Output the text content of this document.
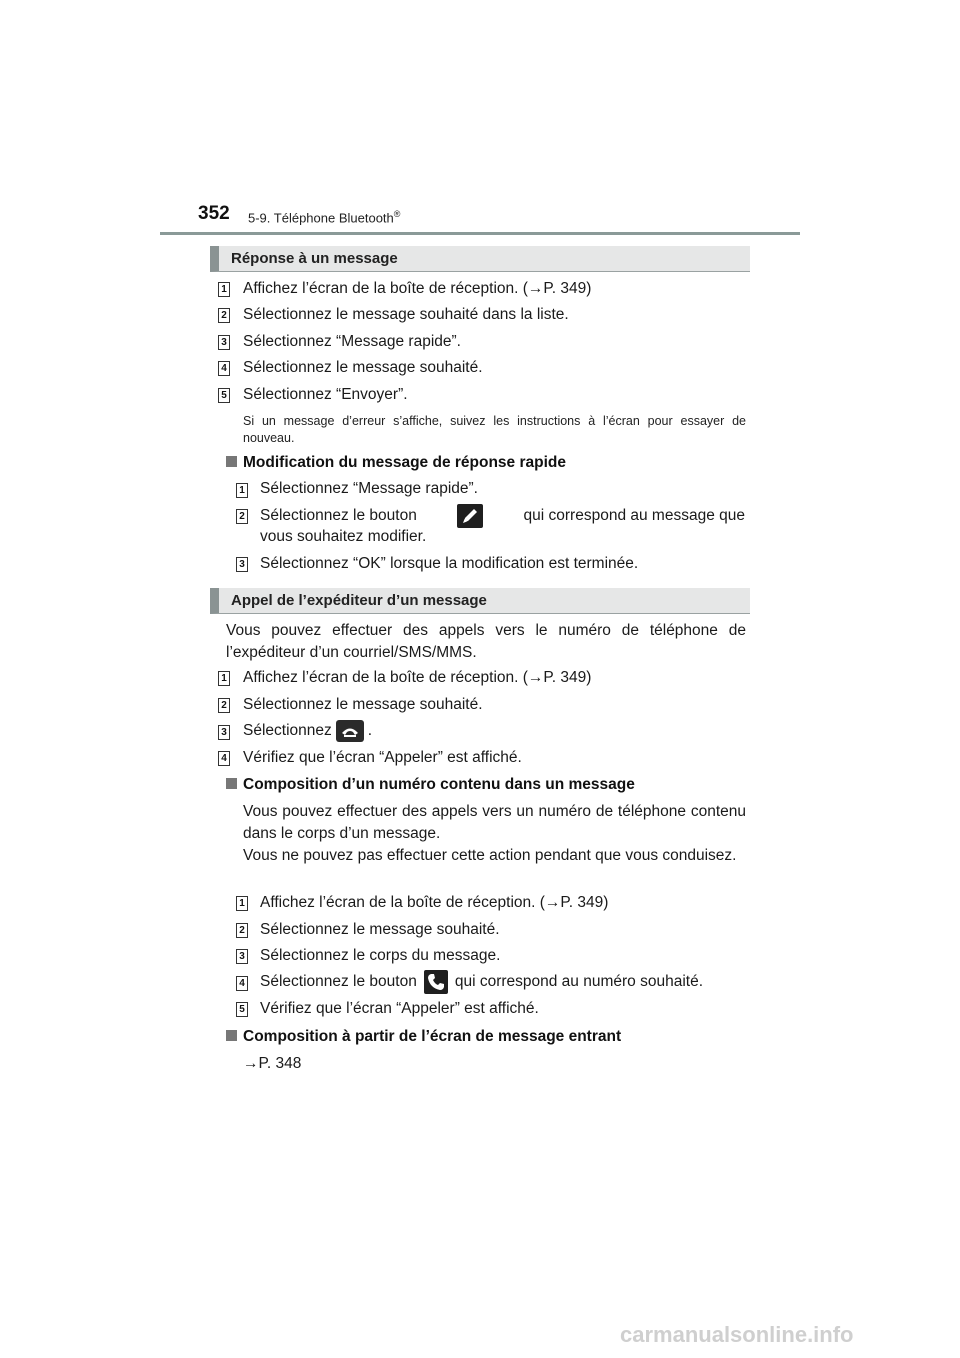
352 5-9. Téléphone Bluetooth®
Réponse à un message
1 Affichez l’écran de la boîte de réception. (→P. 349)
2 Sélectionnez le message souhaité dans la liste.
3 Sélectionnez “Message rapide”.
4 Sélectionnez le message souhaité.
5 Sélectionnez “Envoyer”.
Si un message d’erreur s’affiche, suivez les instructions à l’écran pour essayer de nouveau.
Modification du message de réponse rapide
1 Sélectionnez “Message rapide”.
2 Sélectionnez le bouton	qui correspond au message que
vous souhaitez modifier.
3 Sélectionnez “OK” lorsque la modification est terminée.
Appel de l’expéditeur d’un message
Vous pouvez effectuer des appels vers le numéro de téléphone de l’expéditeur d’un courriel/SMS/MMS.
1 Affichez l’écran de la boîte de réception. (→P. 349)
2 Sélectionnez le message souhaité.
3 Sélectionnez .
4 Vérifiez que l’écran “Appeler” est affiché.
Composition d’un numéro contenu dans un message
Vous pouvez effectuer des appels vers un numéro de téléphone contenu dans le corps d’un message.
Vous ne pouvez pas effectuer cette action pendant que vous conduisez.
1 Affichez l’écran de la boîte de réception. (→P. 349)
2 Sélectionnez le message souhaité.
3 Sélectionnez le corps du message.
4 Sélectionnez le bouton qui correspond au numéro souhaité.
5 Vérifiez que l’écran “Appeler” est affiché.
Composition à partir de l’écran de message entrant
→P. 348
carmanualsonline.info
